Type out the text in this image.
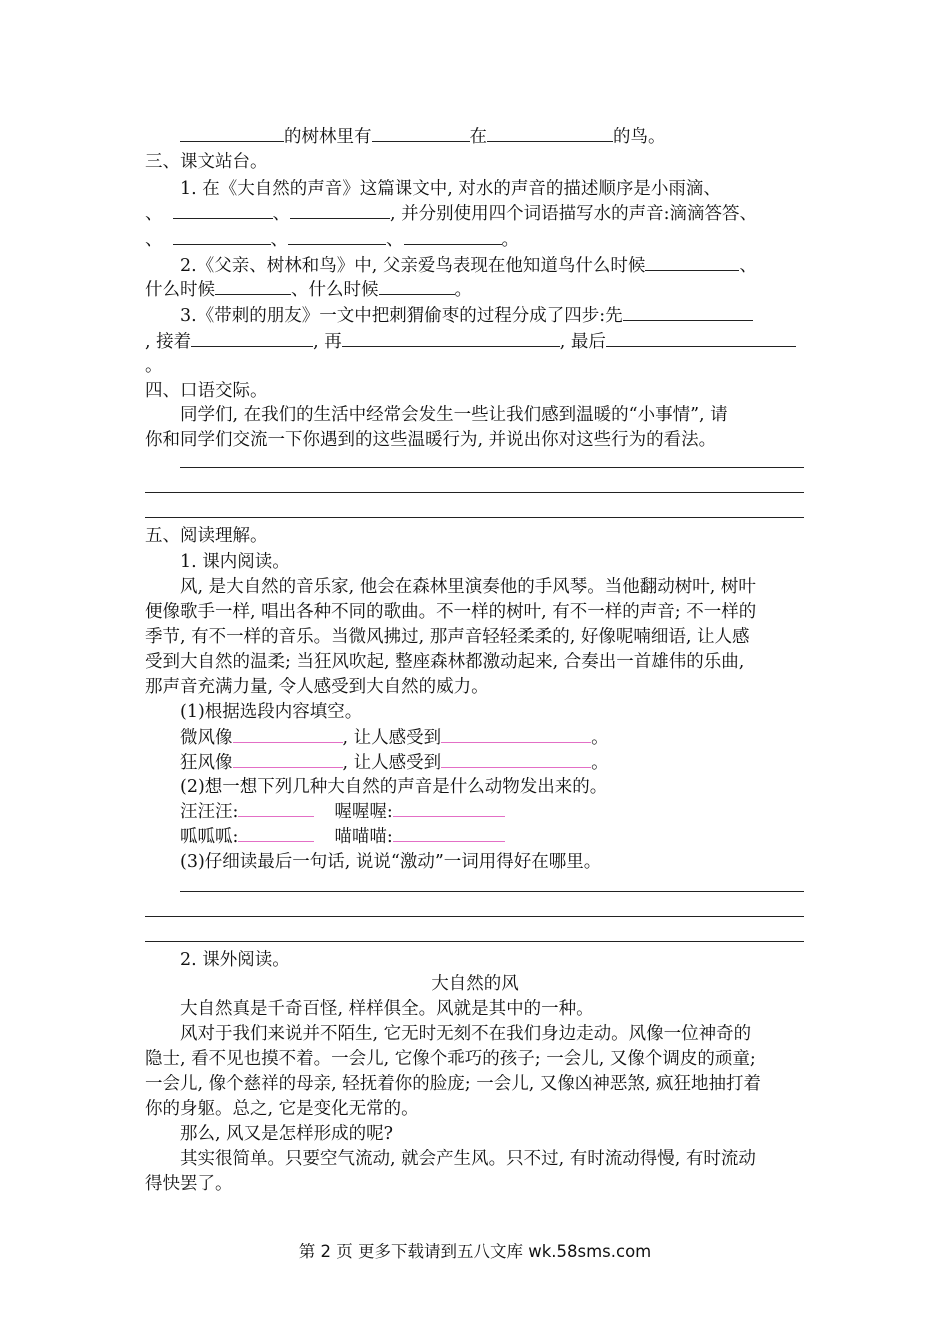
的树林里有	在	的鸟。
三、课文站台。
1. 在《大自然的声音》这篇课文中, 对水的声音的描述顺序是小雨滴、
、	、	, 并分别使用四个词语描写水的声音:滴滴答答、
、	、	、	。
2.《父亲、树林和鸟》中, 父亲爱鸟表现在他知道鸟什么时候	、
什么时候	、什么时候	。
3.《带刺的朋友》一文中把刺猬偷枣的过程分成了四步:先
, 接着	, 再	, 最后
。
四、口语交际。
同学们, 在我们的生活中经常会发生一些让我们感到温暖的“小事情”, 请
你和同学们交流一下你遇到的这些温暖行为, 并说出你对这些行为的看法。
五、阅读理解。
1. 课内阅读。
风, 是大自然的音乐家, 他会在森林里演奏他的手风琴。当他翻动树叶, 树叶
便像歌手一样, 唱出各种不同的歌曲。不一样的树叶, 有不一样的声音; 不一样的
季节, 有不一样的音乐。当微风拂过, 那声音轻轻柔柔的, 好像呢喃细语, 让人感
受到大自然的温柔; 当狂风吹起, 整座森林都激动起来, 合奏出一首雄伟的乐曲,
那声音充满力量, 令人感受到大自然的威力。
(1)根据选段内容填空。
微风像	, 让人感受到	。
狂风像	, 让人感受到	。
(2)想一想下列几种大自然的声音是什么动物发出来的。
汪汪汪:	喔喔喔:
呱呱呱:	喵喵喵:
(3)仔细读最后一句话, 说说“激动”一词用得好在哪里。
2. 课外阅读。
大自然的风
大自然真是千奇百怪, 样样俱全。风就是其中的一种。
风对于我们来说并不陌生, 它无时无刻不在我们身边走动。风像一位神奇的
隐士, 看不见也摸不着。一会儿, 它像个乖巧的孩子; 一会儿, 又像个调皮的顽童;
一会儿, 像个慈祥的母亲, 轻抚着你的脸庞; 一会儿, 又像凶神恶煞, 疯狂地抽打着
你的身躯。总之, 它是变化无常的。
那么, 风又是怎样形成的呢?
其实很简单。只要空气流动, 就会产生风。只不过, 有时流动得慢, 有时流动
得快罢了。
第 2 页 更多下载请到五八文库 wk.58sms.com
